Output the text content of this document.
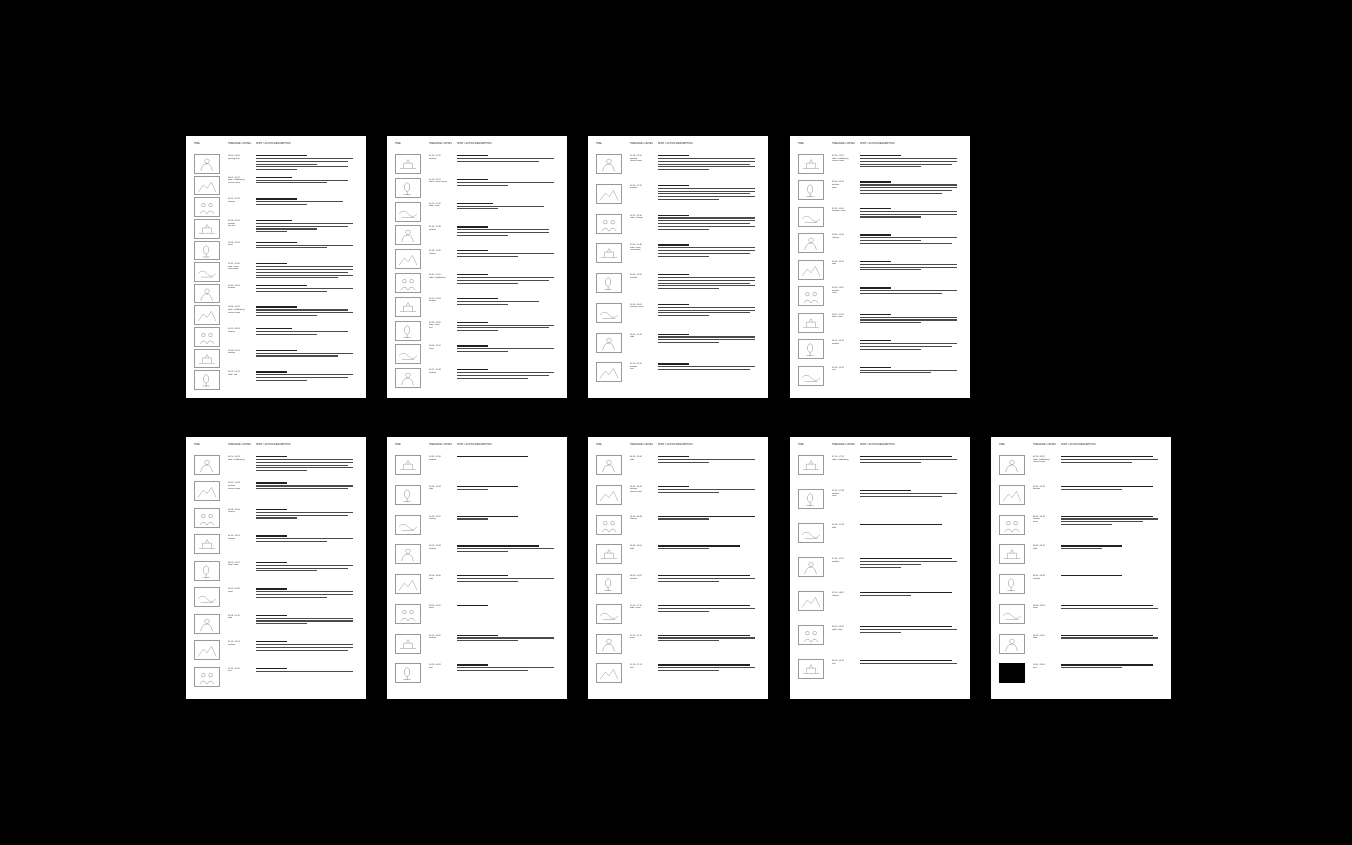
TIME	TIMECODE / NOTES	SHOT / ACTION DESCRIPTION
00:00 - 00:05
opening shot
00:05 - 00:12
wide / establishing
camera move
00:12 - 00:18
closeup
00:18 - 00:26
medium
two shot
00:26 - 00:31
insert
00:31 - 00:40
wide / move
continuation
00:40 - 00:46
medium
00:46 - 00:52
wide / establishing
camera move
00:52 - 00:58
closeup
00:58 - 01:04
medium
01:04 - 01:10
wide / end
TIME	TIMECODE / NOTES	SHOT / ACTION DESCRIPTION
01:10 - 01:16
medium
01:16 - 01:22
wide / camera move
01:22 - 01:30
wide / move
01:30 - 01:38
medium
01:38 - 01:45
closeup
01:45 - 01:52
wide / establishing
01:52 - 01:58
medium
01:58 - 02:06
wide / move
end
02:06 - 02:12
insert
02:12 - 02:18
medium
TIME	TIMECODE / NOTES	SHOT / ACTION DESCRIPTION
02:18 - 02:26
opening
camera move
02:26 - 02:32
medium
02:32 - 02:40
wide / closeup
02:40 - 02:48
wide / move
continuation
02:48 - 02:56
medium
02:56 - 03:04
closeup / insert
03:04 - 03:10
wide
03:10 - 03:16
medium
end
TIME	TIMECODE / NOTES	SHOT / ACTION DESCRIPTION
03:16 - 03:24
wide / establishing
camera move
03:24 - 03:32
medium
close
03:32 - 03:40
medium / move
03:40 - 03:46
closeup
03:46 - 03:54
wide
03:54 - 04:02
medium
close
04:02 - 04:10
wide / move
04:10 - 04:18
medium
04:18 - 04:24
end
TIME	TIMECODE / NOTES	SHOT / ACTION DESCRIPTION
04:24 - 04:32
wide / establishing
04:32 - 04:38
medium
camera move
04:38 - 04:46
closeup
04:46 - 04:54
medium
04:54 - 05:02
wide / move
05:02 - 05:08
insert
05:08 - 05:16
wide
05:16 - 05:24
medium
05:24 - 05:30
end
TIME	TIMECODE / NOTES	SHOT / ACTION DESCRIPTION
05:30 - 05:36
medium
05:36 - 05:44
wide
05:44 - 05:50
closeup
05:50 - 05:58
medium
05:58 - 06:06
wide
06:06 - 06:12
insert
06:12 - 06:20
medium
06:20 - 06:28
end
TIME	TIMECODE / NOTES	SHOT / ACTION DESCRIPTION
06:28 - 06:34
wide
06:34 - 06:40
medium
camera move
06:40 - 06:48
closeup
06:48 - 06:56
wide
06:56 - 07:02
medium
07:02 - 07:10
wide / move
07:10 - 07:16
insert
07:16 - 07:24
end
TIME	TIMECODE / NOTES	SHOT / ACTION DESCRIPTION
07:24 - 07:32
wide / establishing
07:32 - 07:38
medium
close
07:38 - 07:46
wide
07:46 - 07:54
medium
07:54 - 08:02
closeup
08:02 - 08:10
wide / move
08:10 - 08:16
end
TIME	TIMECODE / NOTES	SHOT / ACTION DESCRIPTION
08:16 - 08:22
wide / establishing
camera move
08:22 - 08:28
medium
08:28 - 08:36
closeup
move
08:36 - 08:42
wide
08:42 - 08:48
medium
08:48 - 08:54
insert
08:54 - 09:00
wide
09:00 - 09:06
end
